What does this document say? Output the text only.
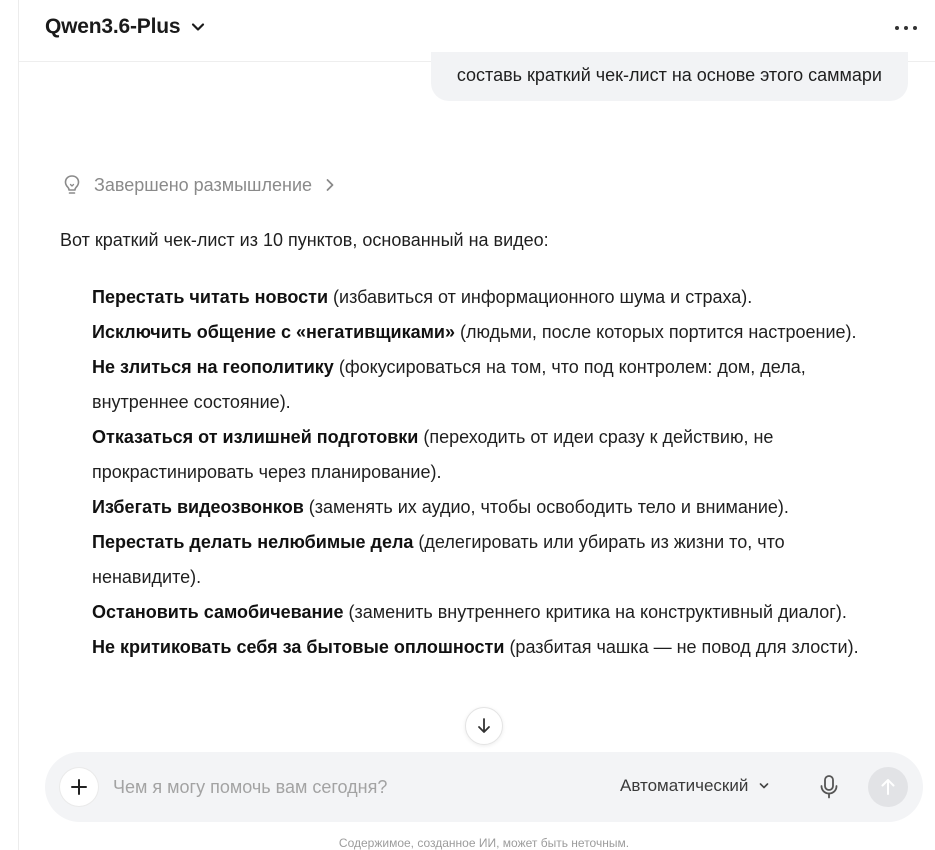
Qwen3.6-Plus
составь краткий чек-лист на основе этого саммари
Завершено размышление

Вот краткий чек-лист из 10 пунктов, основанный на видео:

Перестать читать новости (избавиться от информационного шума и страха).
Исключить общение с «негативщиками» (людьми, после которых портится настроение).
Не злиться на геополитику (фокусироваться на том, что под контролем: дом, дела, внутреннее состояние).
Отказаться от излишней подготовки (переходить от идеи сразу к действию, не прокрастинировать через планирование).
Избегать видеозвонков (заменять их аудио, чтобы освободить тело и внимание).
Перестать делать нелюбимые дела (делегировать или убирать из жизни то, что ненавидите).
Остановить самобичевание (заменить внутреннего критика на конструктивный диалог).
Не критиковать себя за бытовые оплошности (разбитая чашка — не повод для злости).
Чем я могу помочь вам сегодня?
Автоматический
Содержимое, созданное ИИ, может быть неточным.
